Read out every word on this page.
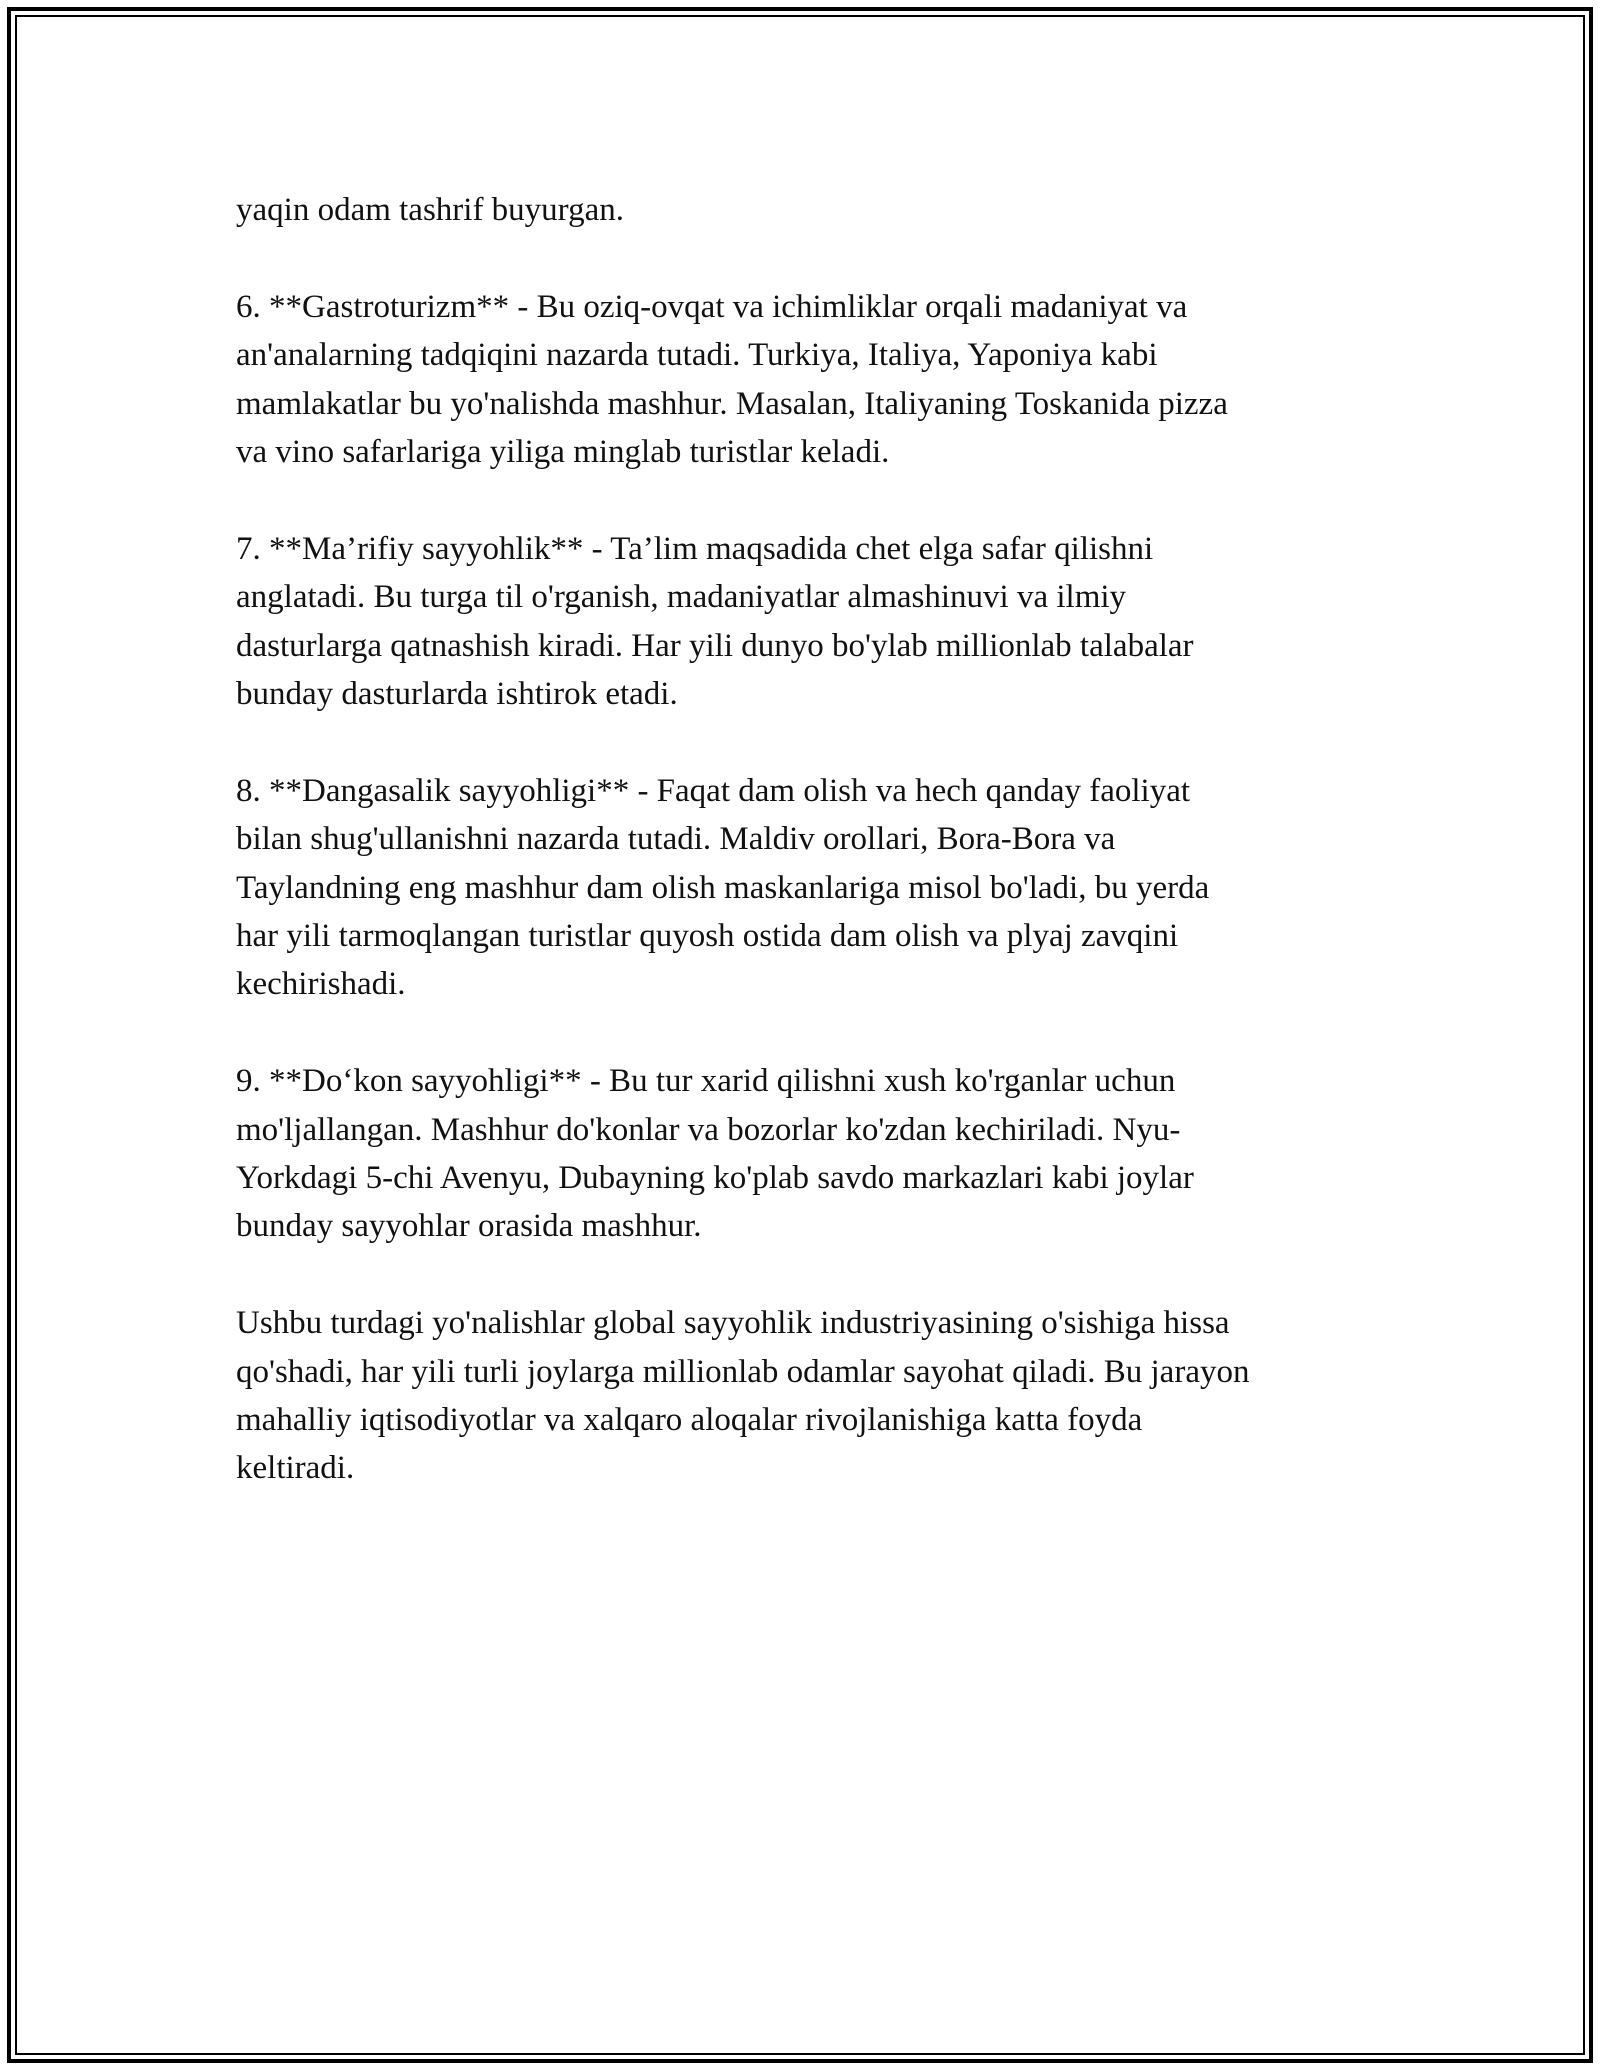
yaqin odam tashrif buyurgan.

6. **Gastroturizm** - Bu oziq-ovqat va ichimliklar orqali madaniyat va
an'analarning tadqiqini nazarda tutadi. Turkiya, Italiya, Yaponiya kabi
mamlakatlar bu yo'nalishda mashhur. Masalan, Italiyaning Toskanida pizza
va vino safarlariga yiliga minglab turistlar keladi.

7. **Ma’rifiy sayyohlik** - Ta’lim maqsadida chet elga safar qilishni
anglatadi. Bu turga til o'rganish, madaniyatlar almashinuvi va ilmiy
dasturlarga qatnashish kiradi. Har yili dunyo bo'ylab millionlab talabalar
bunday dasturlarda ishtirok etadi.

8. **Dangasalik sayyohligi** - Faqat dam olish va hech qanday faoliyat
bilan shug'ullanishni nazarda tutadi. Maldiv orollari, Bora-Bora va
Taylandning eng mashhur dam olish maskanlariga misol bo'ladi, bu yerda
har yili tarmoqlangan turistlar quyosh ostida dam olish va plyaj zavqini
kechirishadi.

9. **Do‘kon sayyohligi** - Bu tur xarid qilishni xush ko'rganlar uchun
mo'ljallangan. Mashhur do'konlar va bozorlar ko'zdan kechiriladi. Nyu-
Yorkdagi 5-chi Avenyu, Dubayning ko'plab savdo markazlari kabi joylar
bunday sayyohlar orasida mashhur.

Ushbu turdagi yo'nalishlar global sayyohlik industriyasining o'sishiga hissa
qo'shadi, har yili turli joylarga millionlab odamlar sayohat qiladi. Bu jarayon
mahalliy iqtisodiyotlar va xalqaro aloqalar rivojlanishiga katta foyda
keltiradi.
